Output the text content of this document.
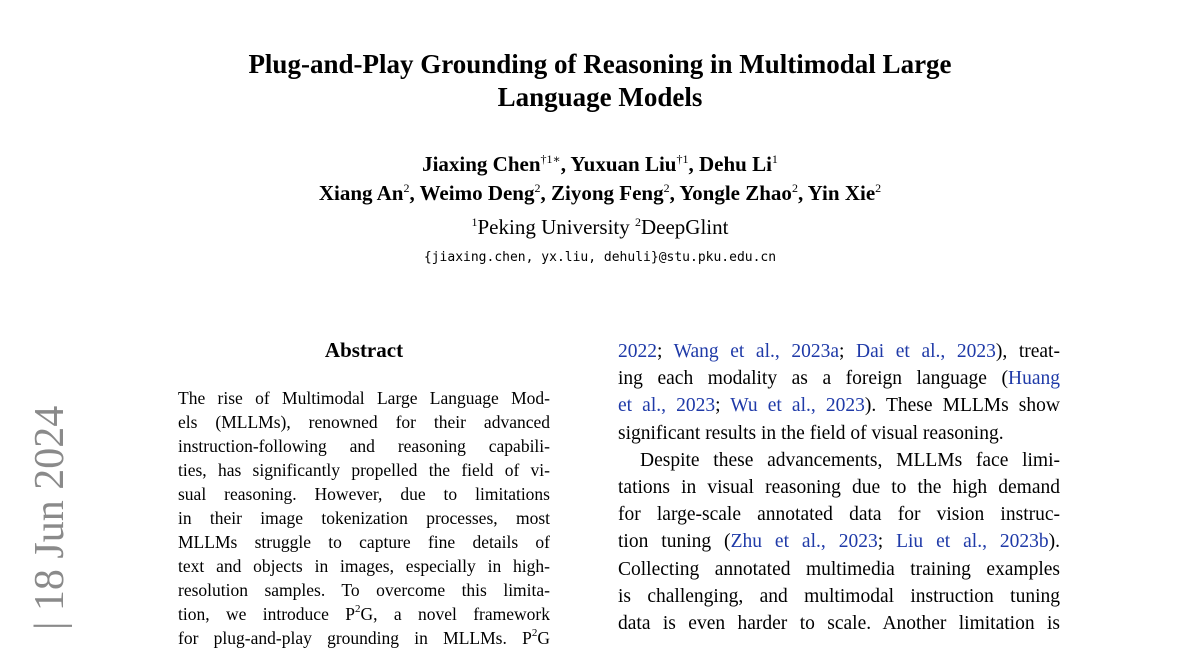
Plug-and-Play Grounding of Reasoning in Multimodal Large
Language Models
Jiaxing Chen$^{\dagger 1∗}$, Yuxuan Liu$^{\dagger 1}$, Dehu Li$^1$
Xiang An$^2$, Weimo Deng$^2$, Ziyong Feng$^2$, Yongle Zhao$^2$, Yin Xie$^2$
$^1$Peking University $^2$DeepGlint
{jiaxing.chen, yx.liu, dehuli}@stu.pku.edu.cn
Abstract
The rise of Multimodal Large Language Mod-
els (MLLMs), renowned for their advanced
instruction-following and reasoning capabili-
ties, has significantly propelled the field of vi-
sual reasoning. However, due to limitations
in their image tokenization processes, most
MLLMs struggle to capture fine details of
text and objects in images, especially in high-
resolution samples. To overcome this limita-
tion, we introduce $P^2G$, a novel framework
for plug-and-play grounding in MLLMs. $P^2G$
2022; Wang et al., 2023a; Dai et al., 2023), treat-
ing each modality as a foreign language (Huang
et al., 2023; Wu et al., 2023). These MLLMs show
significant results in the field of visual reasoning.
Despite these advancements, MLLMs face limi-
tations in visual reasoning due to the high demand
for large-scale annotated data for vision instruc-
tion tuning (Zhu et al., 2023; Liu et al., 2023b).
Collecting annotated multimedia training examples
is challenging, and multimodal instruction tuning
data is even harder to scale. Another limitation is
| 18 Jun 2024
